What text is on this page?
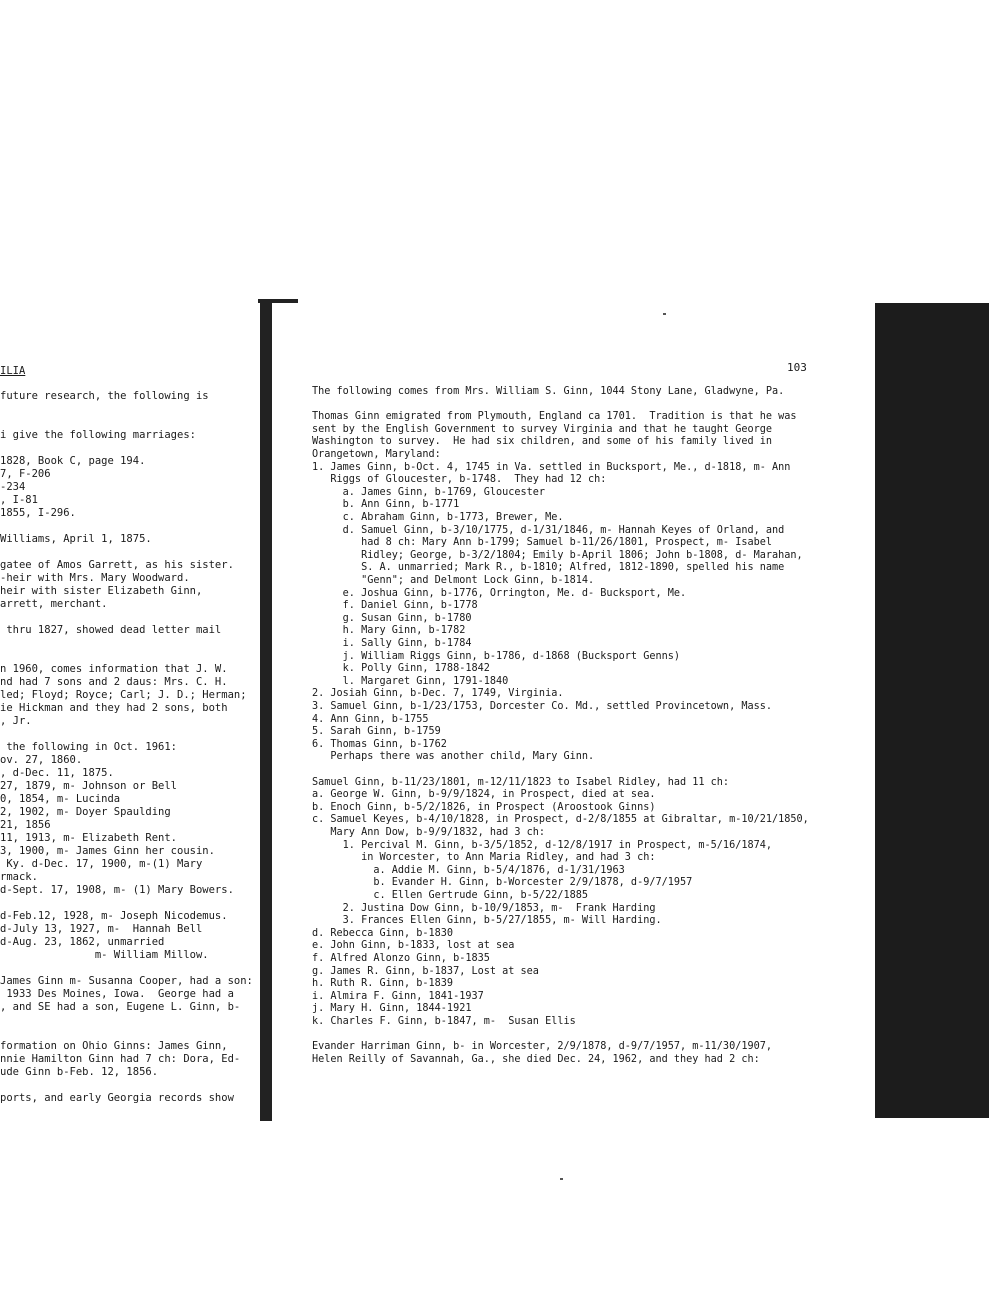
ILIA
future research, the following is
i give the following marriages:
1828, Book C, page 194.
7, F-206
-234
, I-81
1855, I-296.
Williams, April 1, 1875.
gatee of Amos Garrett, as his sister.
-heir with Mrs. Mary Woodward.
heir with sister Elizabeth Ginn,
arrett, merchant.
thru 1827, showed dead letter mail
n 1960, comes information that J. W.
nd had 7 sons and 2 daus: Mrs. C. H.
led; Floyd; Royce; Carl; J. D.; Herman;
ie Hickman and they had 2 sons, both
, Jr.
the following in Oct. 1961:
ov. 27, 1860.
, d-Dec. 11, 1875.
27, 1879, m- Johnson or Bell
0, 1854, m- Lucinda
2, 1902, m- Doyer Spaulding
21, 1856
11, 1913, m- Elizabeth Rent.
3, 1900, m- James Ginn her cousin.
Ky. d-Dec. 17, 1900, m-(1) Mary
rmack.
d-Sept. 17, 1908, m- (1) Mary Bowers.
d-Feb.12, 1928, m- Joseph Nicodemus.
d-July 13, 1927, m-  Hannah Bell
d-Aug. 23, 1862, unmarried
m- William Millow.
James Ginn m- Susanna Cooper, had a son:
1933 Des Moines, Iowa.  George had a
, and SE had a son, Eugene L. Ginn, b-
formation on Ohio Ginns: James Ginn,
nnie Hamilton Ginn had 7 ch: Dora, Ed-
ude Ginn b-Feb. 12, 1856.
ports, and early Georgia records show
103
The following comes from Mrs. William S. Ginn, 1044 Stony Lane, Gladwyne, Pa.
Thomas Ginn emigrated from Plymouth, England ca 1701.  Tradition is that he was
sent by the English Government to survey Virginia and that he taught George
Washington to survey.  He had six children, and some of his family lived in
Orangetown, Maryland:
1. James Ginn, b-Oct. 4, 1745 in Va. settled in Bucksport, Me., d-1818, m- Ann
Riggs of Gloucester, b-1748.  They had 12 ch:
a. James Ginn, b-1769, Gloucester
b. Ann Ginn, b-1771
c. Abraham Ginn, b-1773, Brewer, Me.
d. Samuel Ginn, b-3/10/1775, d-1/31/1846, m- Hannah Keyes of Orland, and
had 8 ch: Mary Ann b-1799; Samuel b-11/26/1801, Prospect, m- Isabel
Ridley; George, b-3/2/1804; Emily b-April 1806; John b-1808, d- Marahan,
S. A. unmarried; Mark R., b-1810; Alfred, 1812-1890, spelled his name
"Genn"; and Delmont Lock Ginn, b-1814.
e. Joshua Ginn, b-1776, Orrington, Me. d- Bucksport, Me.
f. Daniel Ginn, b-1778
g. Susan Ginn, b-1780
h. Mary Ginn, b-1782
i. Sally Ginn, b-1784
j. William Riggs Ginn, b-1786, d-1868 (Bucksport Genns)
k. Polly Ginn, 1788-1842
l. Margaret Ginn, 1791-1840
2. Josiah Ginn, b-Dec. 7, 1749, Virginia.
3. Samuel Ginn, b-1/23/1753, Dorcester Co. Md., settled Provincetown, Mass.
4. Ann Ginn, b-1755
5. Sarah Ginn, b-1759
6. Thomas Ginn, b-1762
Perhaps there was another child, Mary Ginn.
Samuel Ginn, b-11/23/1801, m-12/11/1823 to Isabel Ridley, had 11 ch:
a. George W. Ginn, b-9/9/1824, in Prospect, died at sea.
b. Enoch Ginn, b-5/2/1826, in Prospect (Aroostook Ginns)
c. Samuel Keyes, b-4/10/1828, in Prospect, d-2/8/1855 at Gibraltar, m-10/21/1850,
Mary Ann Dow, b-9/9/1832, had 3 ch:
1. Percival M. Ginn, b-3/5/1852, d-12/8/1917 in Prospect, m-5/16/1874,
in Worcester, to Ann Maria Ridley, and had 3 ch:
a. Addie M. Ginn, b-5/4/1876, d-1/31/1963
b. Evander H. Ginn, b-Worcester 2/9/1878, d-9/7/1957
c. Ellen Gertrude Ginn, b-5/22/1885
2. Justina Dow Ginn, b-10/9/1853, m-  Frank Harding
3. Frances Ellen Ginn, b-5/27/1855, m- Will Harding.
d. Rebecca Ginn, b-1830
e. John Ginn, b-1833, lost at sea
f. Alfred Alonzo Ginn, b-1835
g. James R. Ginn, b-1837, Lost at sea
h. Ruth R. Ginn, b-1839
i. Almira F. Ginn, 1841-1937
j. Mary H. Ginn, 1844-1921
k. Charles F. Ginn, b-1847, m-  Susan Ellis
Evander Harriman Ginn, b- in Worcester, 2/9/1878, d-9/7/1957, m-11/30/1907,
Helen Reilly of Savannah, Ga., she died Dec. 24, 1962, and they had 2 ch:
